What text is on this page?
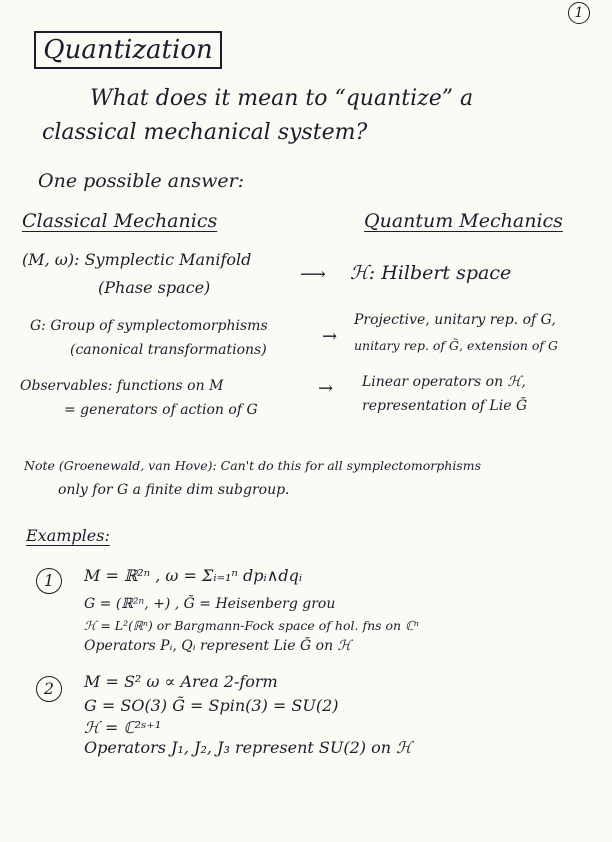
1
Quantization
What does it mean to “quantize” a
classical mechanical system?
One possible answer:
Classical Mechanics	Quantum Mechanics
(M, ω): Symplectic Manifold
(Phase space)
⟶ ℋ: Hilbert space
G: Group of symplectomorphisms
(canonical transformations)
→
Projective, unitary rep. of G,
unitary rep. of G̃, extension of G
Observables: functions on M
= generators of action of G
→ Linear operators on ℋ,
representation of Lie G̃
Note (Groenewald, van Hove): Can't do this for all symplectomorphisms
only for G a finite dim subgroup.
Examples:
1	M = ℝ²ⁿ , ω = Σᵢ₌₁ⁿ dpᵢ∧dqᵢ
G = (ℝ²ⁿ, +) , G̃ = Heisenberg grou
ℋ = L²(ℝⁿ) or Bargmann-Fock space of hol. fns on ℂⁿ
Operators Pᵢ, Qᵢ represent Lie G̃ on ℋ
2	M = S² ω ∝ Area 2-form
G = SO(3) G̃ = Spin(3) = SU(2)
ℋ = ℂ²ˢ⁺¹
Operators J₁, J₂, J₃ represent SU(2) on ℋ
